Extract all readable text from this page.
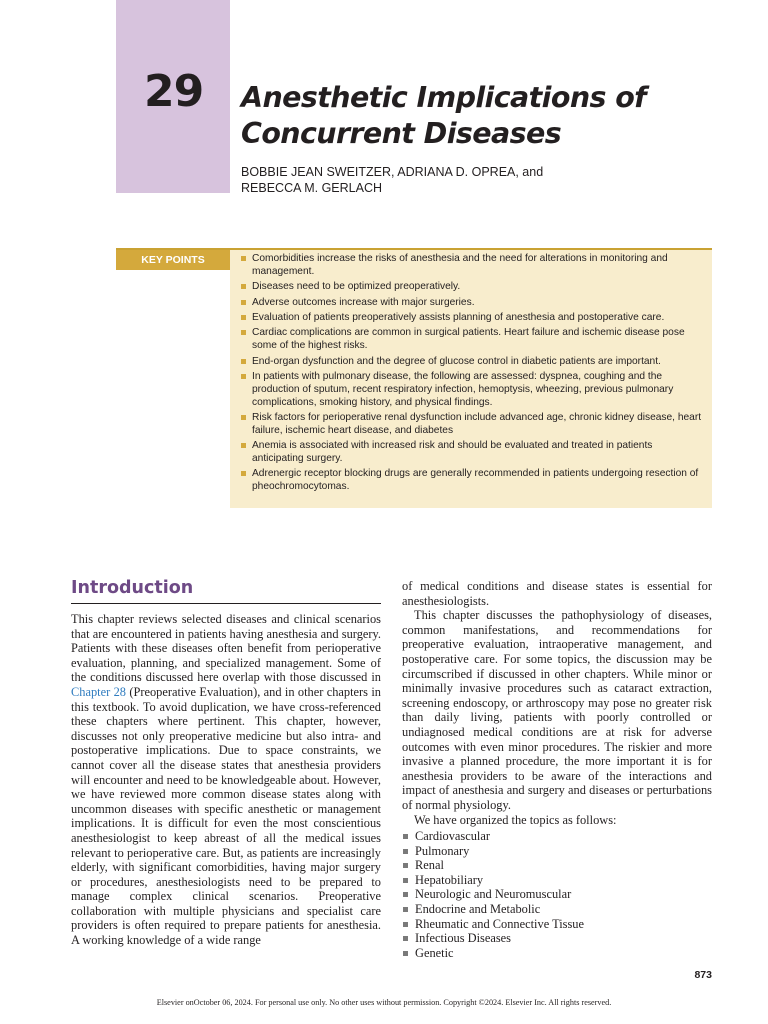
29 Anesthetic Implications of
Concurrent Diseases
BOBBIE JEAN SWEITZER, ADRIANA D. OPREA, and
REBECCA M. GERLACH
KEY POINTS	Comorbidities increase the risks of anesthesia and the need for alterations in monitoring and management.
Diseases need to be optimized preoperatively.
Adverse outcomes increase with major surgeries.
Evaluation of patients preoperatively assists planning of anesthesia and postoperative care.
Cardiac complications are common in surgical patients. Heart failure and ischemic disease pose some of the highest risks.
End-organ dysfunction and the degree of glucose control in diabetic patients are important.
In patients with pulmonary disease, the following are assessed: dyspnea, coughing and the production of sputum, recent respiratory infection, hemoptysis, wheezing, previous pulmonary complications, smoking history, and physical findings.
Risk factors for perioperative renal dysfunction include advanced age, chronic kidney disease, heart failure, ischemic heart disease, and diabetes
Anemia is associated with increased risk and should be evaluated and treated in patients anticipating surgery.
Adrenergic receptor blocking drugs are generally recommended in patients undergoing resection of pheochromocytomas.
Introduction

This chapter reviews selected diseases and clinical scenarios that are encountered in patients having anesthesia and surgery. Patients with these diseases often benefit from perioperative evaluation, planning, and specialized management. Some of the conditions discussed here overlap with those discussed in Chapter 28 (Preoperative Evaluation), and in other chapters in this textbook. To avoid duplication, we have cross-referenced these chapters where pertinent. This chapter, however, discusses not only preoperative medicine but also intra- and postoperative implications. Due to space constraints, we cannot cover all the disease states that anesthesia providers will encounter and need to be knowledgeable about. However, we have reviewed more common disease states along with uncommon diseases with specific anesthetic or management implications. It is difficult for even the most conscientious anesthesiologist to keep abreast of all the medical issues relevant to perioperative care. But, as patients are increasingly elderly, with significant comorbidities, having major surgery or procedures, anesthesiologists need to be prepared to manage complex clinical scenarios. Preoperative collaboration with multiple physicians and specialist care providers is often required to prepare patients for anesthesia. A working knowledge of a wide range

of medical conditions and disease states is essential for anesthesiologists.

This chapter discusses the pathophysiology of diseases, common manifestations, and recommendations for preoperative evaluation, intraoperative management, and postoperative care. For some topics, the discussion may be circumscribed if discussed in other chapters. While minor or minimally invasive procedures such as cataract extraction, screening endoscopy, or arthroscopy may pose no greater risk than daily living, patients with poorly controlled or undiagnosed medical conditions are at risk for adverse outcomes with even minor procedures. The riskier and more invasive a planned procedure, the more important it is for anesthesia providers to be aware of the interactions and impact of anesthesia and surgery and diseases or perturbations of normal physiology.

We have organized the topics as follows:

Cardiovascular
Pulmonary
Renal
Hepatobiliary
Neurologic and Neuromuscular
Endocrine and Metabolic
Rheumatic and Connective Tissue
Infectious Diseases
Genetic
873
Elsevier onOctober 06, 2024. For personal use only. No other uses without permission. Copyright ©2024. Elsevier Inc. All rights reserved.
